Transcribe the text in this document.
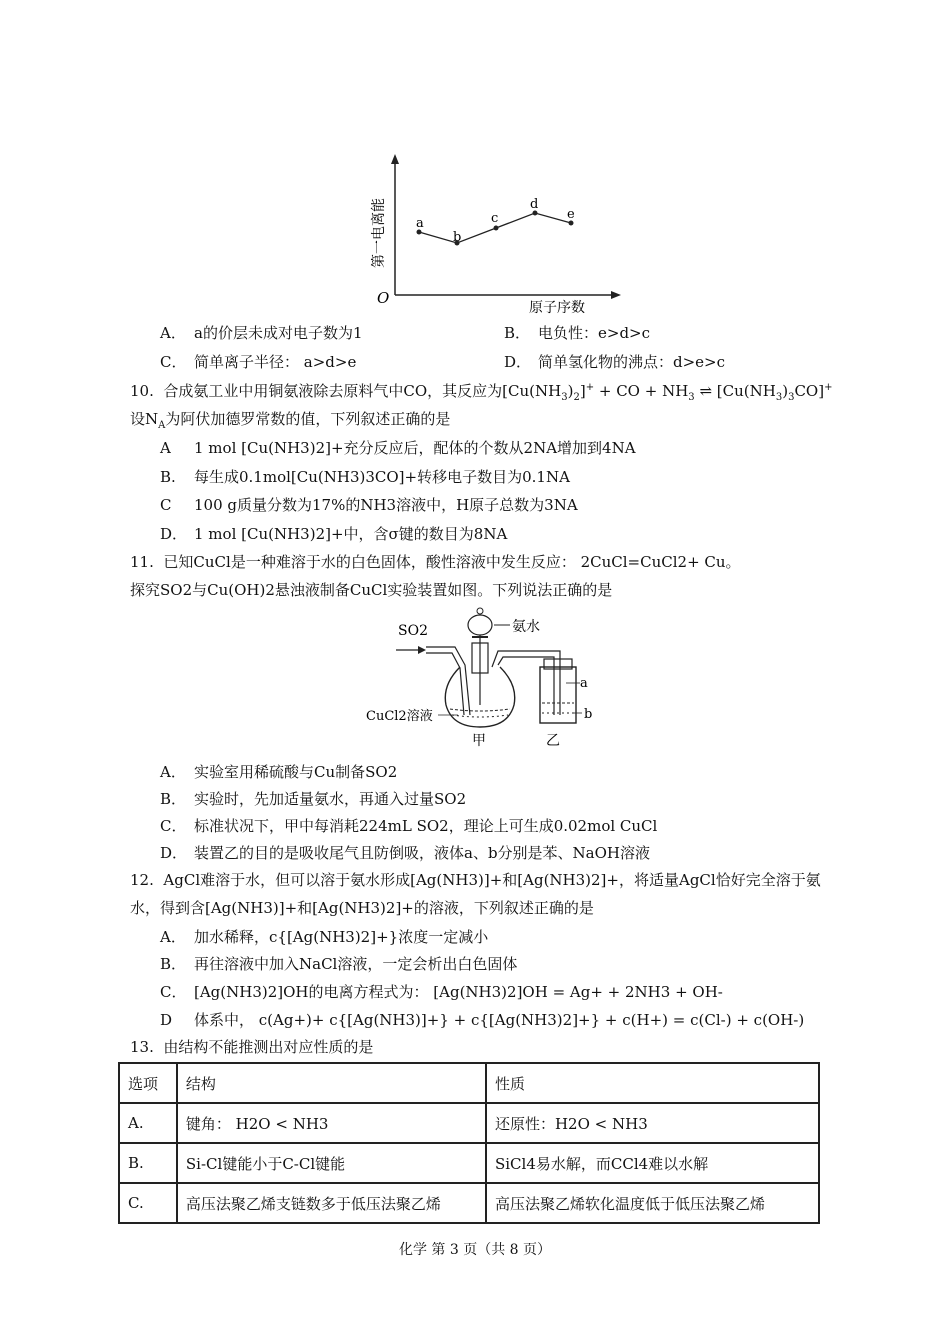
a
b
c
d
e
第一电离能
O
原子序数
A． a的价层未成对电子数为1	B． 电负性：e>d>c
C． 简单离子半径： a>d>e	D． 简单氢化物的沸点：d>e>c
10. 合成氨工业中用铜氨液除去原料气中CO，其反应为$[Cu(NH_3)_2]^+$ + CO + $NH_3$ ⇌ $[Cu(NH_3)_3CO]^+$
设$N_A$为阿伏加德罗常数的值，下列叙述正确的是
A 1 mol [Cu(NH3)2]+充分反应后，配体的个数从2NA增加到4NA
B. 每生成0.1mol[Cu(NH3)3CO]+转移电子数目为0.1NA
C 100 g质量分数为17%的NH3溶液中，H原子总数为3NA
D． 1 mol [Cu(NH3)2]+中，含σ键的数目为8NA
11. 已知CuCl是一种难溶于水的白色固体，酸性溶液中发生反应： 2CuCl=CuCl2+ Cu。
探究SO2与Cu(OH)2悬浊液制备CuCl实验装置如图。下列说法正确的是
SO2	氨水
a
b
CuCl2溶液
甲	乙
A． 实验室用稀硫酸与Cu制备SO2
B． 实验时，先加适量氨水，再通入过量SO2
C． 标准状况下，甲中每消耗224mL SO2，理论上可生成0.02mol CuCl
D． 装置乙的目的是吸收尾气且防倒吸，液体a、b分别是苯、NaOH溶液
12. AgCl难溶于水，但可以溶于氨水形成[Ag(NH3)]+和[Ag(NH3)2]+，将适量AgCl恰好完全溶于氨
水，得到含[Ag(NH3)]+和[Ag(NH3)2]+的溶液，下列叙述正确的是
A． 加水稀释，c{[Ag(NH3)2]+}浓度一定减小
B． 再往溶液中加入NaCl溶液，一定会析出白色固体
C． [Ag(NH3)2]OH的电离方程式为： [Ag(NH3)2]OH = Ag+ + 2NH3 + OH-
D 体系中， c(Ag+)+ c{[Ag(NH3)]+} + c{[Ag(NH3)2]+} + c(H+) = c(Cl-) + c(OH-)
13. 由结构不能推测出对应性质的是
选项	结构	性质
A.	键角： H2O < NH3	还原性：H2O < NH3
B.	Si-Cl键能小于C-Cl键能	SiCl4易水解，而CCl4难以水解
C.	高压法聚乙烯支链数多于低压法聚乙烯	高压法聚乙烯软化温度低于低压法聚乙烯
化学 第 3 页（共 8 页）
